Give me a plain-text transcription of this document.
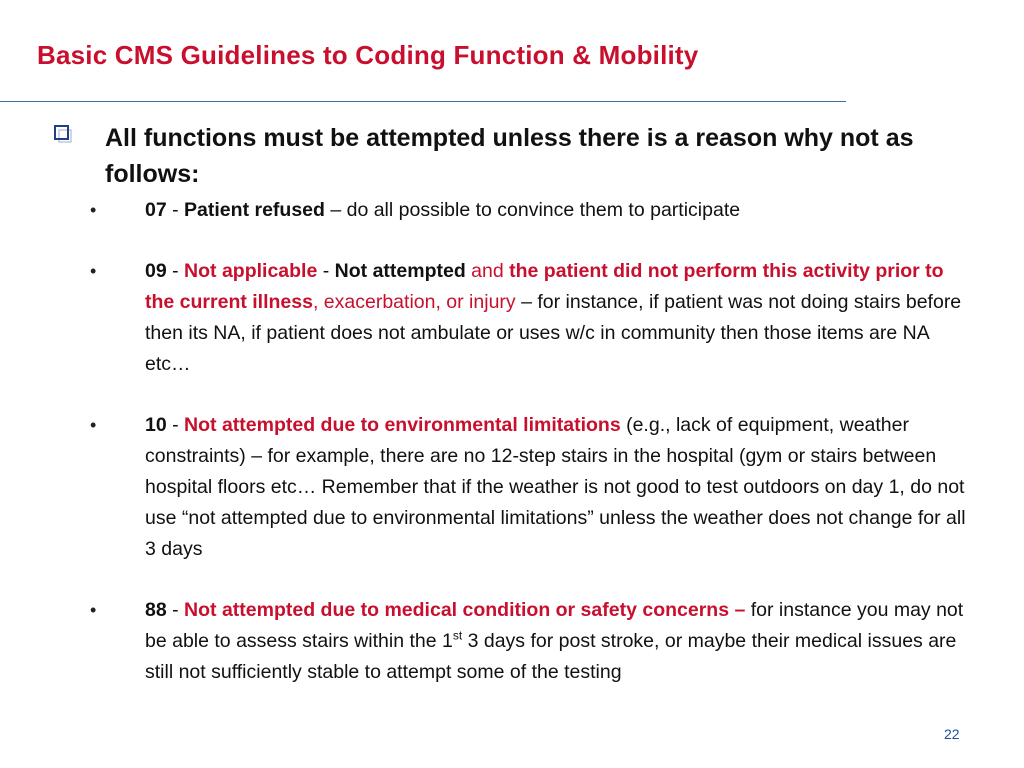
Basic CMS Guidelines to Coding Function & Mobility
All functions must be attempted unless there is a reason why not as follows:
• 07 - Patient refused – do all possible to convince them to participate
• 09 - Not applicable - Not attempted and the patient did not perform this activity prior to the current illness, exacerbation, or injury – for instance, if patient was not doing stairs before then its NA, if patient does not ambulate or uses w/c in community then those items are NA etc…
• 10 - Not attempted due to environmental limitations (e.g., lack of equipment, weather constraints) – for example, there are no 12-step stairs in the hospital (gym or stairs between hospital floors etc… Remember that if the weather is not good to test outdoors on day 1, do not use “not attempted due to environmental limitations” unless the weather does not change for all 3 days
• 88 - Not attempted due to medical condition or safety concerns – for instance you may not be able to assess stairs within the 1st 3 days for post stroke, or maybe their medical issues are still not sufficiently stable to attempt some of the testing
22
